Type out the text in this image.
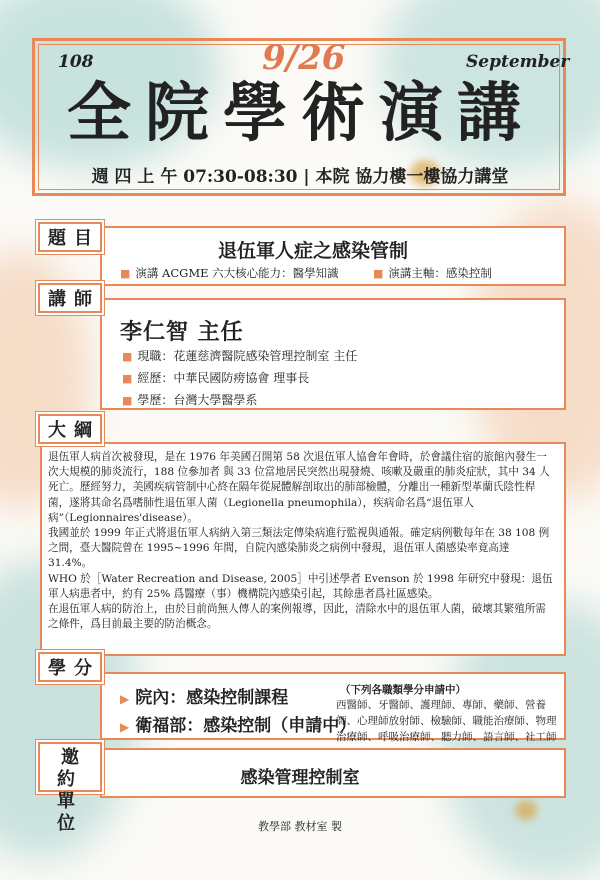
108	9/26	September
全院學術演講
週 四 上 午 07:30-08:30 | 本院 協力樓一樓協力講堂
題目
退伍軍人症之感染管制
■ 演講 ACGME 六大核心能力：醫學知識
■	演講主軸：感染控制
講師
李仁智 主任
■ 現職：花蓮慈濟醫院感染管理控制室 主任
■ 經歷：中華民國防痨協會 理事長
■ 學歷：台灣大學醫學系
大綱

退伍軍人病首次被發現，是在 1976 年美國召開第 58 次退伍軍人協會年會時，於會議住宿的旅館內發生一次大規模的肺炎流行，188 位參加者 與 33 位當地居民突然出現發燒、咳嗽及嚴重的肺炎症狀，其中 34 人死亡。歷經努力，美國疾病管制中心終在隔年從屍體解剖取出的肺部檢體，分離出一種新型革蘭氏陰性桿菌，遂將其命名爲嗜肺性退伍軍人菌（Legionella pneumophila），疾病命名爲“退伍軍人病”（Legionnaires'disease）。

我國並於 1999 年正式將退伍軍人病納入第三類法定傳染病進行監視與通報。確定病例數每年在 38 108 例之間，臺大醫院曾在 1995~1996 年間，自院內感染肺炎之病例中發現，退伍軍人菌感染率竟高達 31.4%。

WHO 於［Water Recreation and Disease, 2005］中引述學者 Evenson 於 1998 年研究中發現：退伍軍人病患者中，約有 25% 爲醫療（事）機構院內感染引起，其餘患者爲社區感染。

在退伍軍人病的防治上，由於目前尚無人傳人的案例報導，因此，清除水中的退伍軍人菌，破壞其繁殖所需之條件，爲目前最主要的防治概念。

學分
▶ 院內：感染控制課程
▶ 衛福部：感染控制（申請中）
（下列各職類學分申請中）
西醫師、牙醫師、護理師、專師、藥師、營養師、心理師放射師、檢驗師、職能治療師、物理治療師、呼吸治療師、聽力師、語言師、社工師
邀約單位
感染管理控制室
教學部 教材室 製
